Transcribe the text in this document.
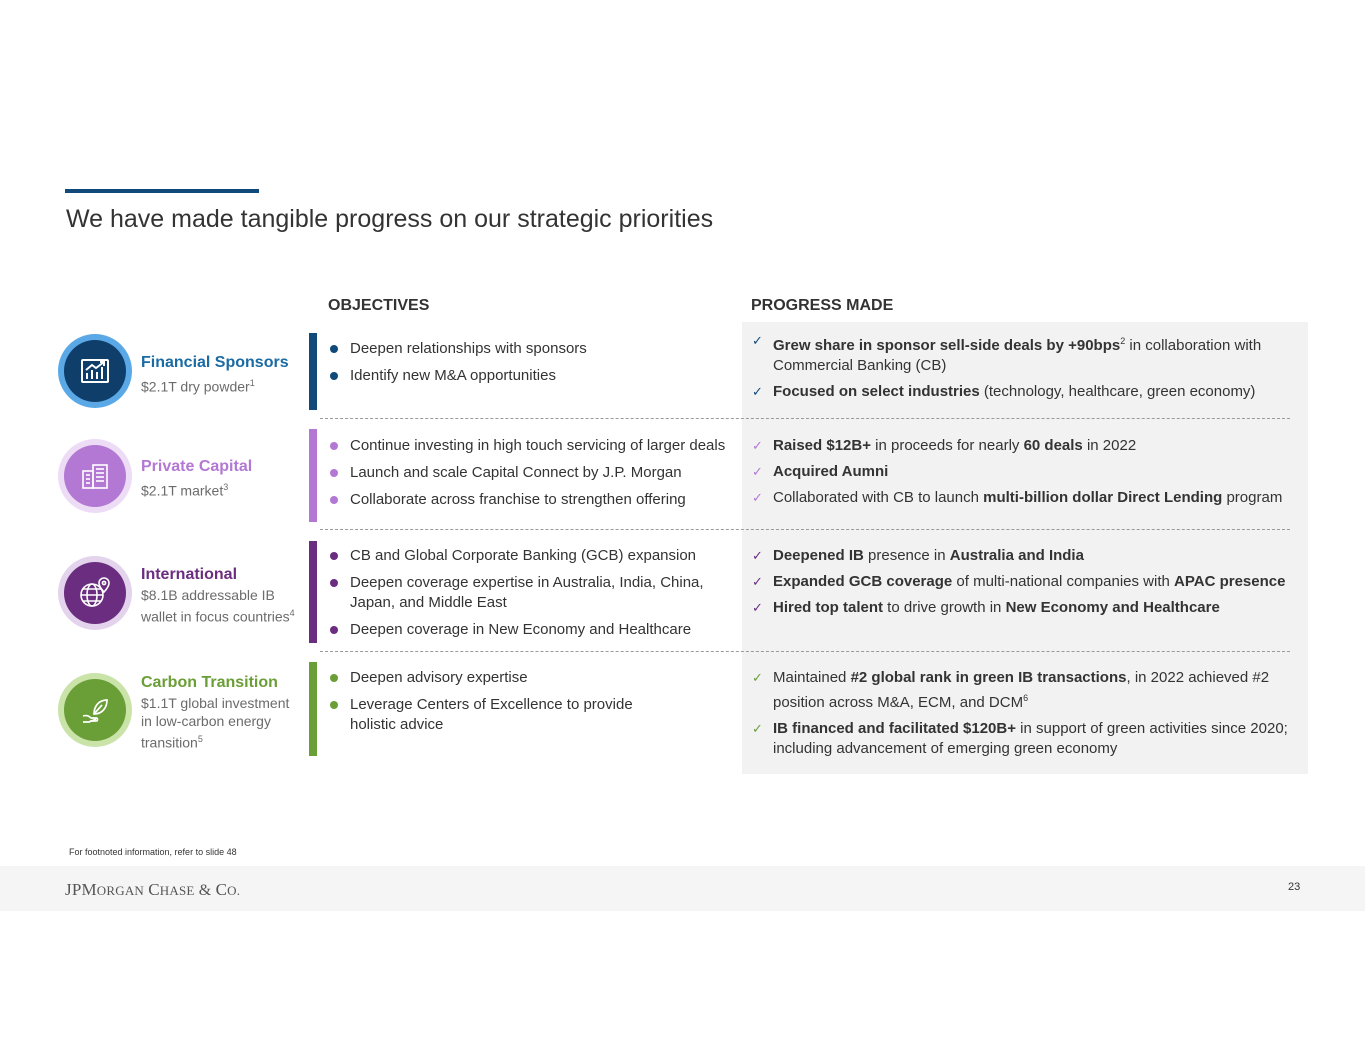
We have made tangible progress on our strategic priorities
OBJECTIVES	PROGRESS MADE
Financial Sponsors
$2.1T dry powder$^1$
Deepen relationships with sponsors
Identify new M&A opportunities
✓ Grew share in sponsor sell-side deals by +90bps$^2$ in collaboration with Commercial Banking (CB)
✓ Focused on select industries (technology, healthcare, green economy)
Private Capital
$2.1T market$^3$
Continue investing in high touch servicing of larger deals
Launch and scale Capital Connect by J.P. Morgan
Collaborate across franchise to strengthen offering
✓ Raised $12B+ in proceeds for nearly 60 deals in 2022
✓ Acquired Aumni
✓ Collaborated with CB to launch multi-billion dollar Direct Lending program
International
$8.1B addressable IB wallet in focus countries$^4$
CB and Global Corporate Banking (GCB) expansion
Deepen coverage expertise in Australia, India, China, Japan, and Middle East
Deepen coverage in New Economy and Healthcare
✓ Deepened IB presence in Australia and India
✓ Expanded GCB coverage of multi-national companies with APAC presence
✓ Hired top talent to drive growth in New Economy and Healthcare
Carbon Transition
$1.1T global investment in low-carbon energy transition$^5$
Deepen advisory expertise
Leverage Centers of Excellence to provide holistic advice
✓ Maintained #2 global rank in green IB transactions, in 2022 achieved #2 position across M&A, ECM, and DCM$^6$
✓ IB financed and facilitated $120B+ in support of green activities since 2020; including advancement of emerging green economy
For footnoted information, refer to slide 48
JPMORGAN CHASE & CO.	23
